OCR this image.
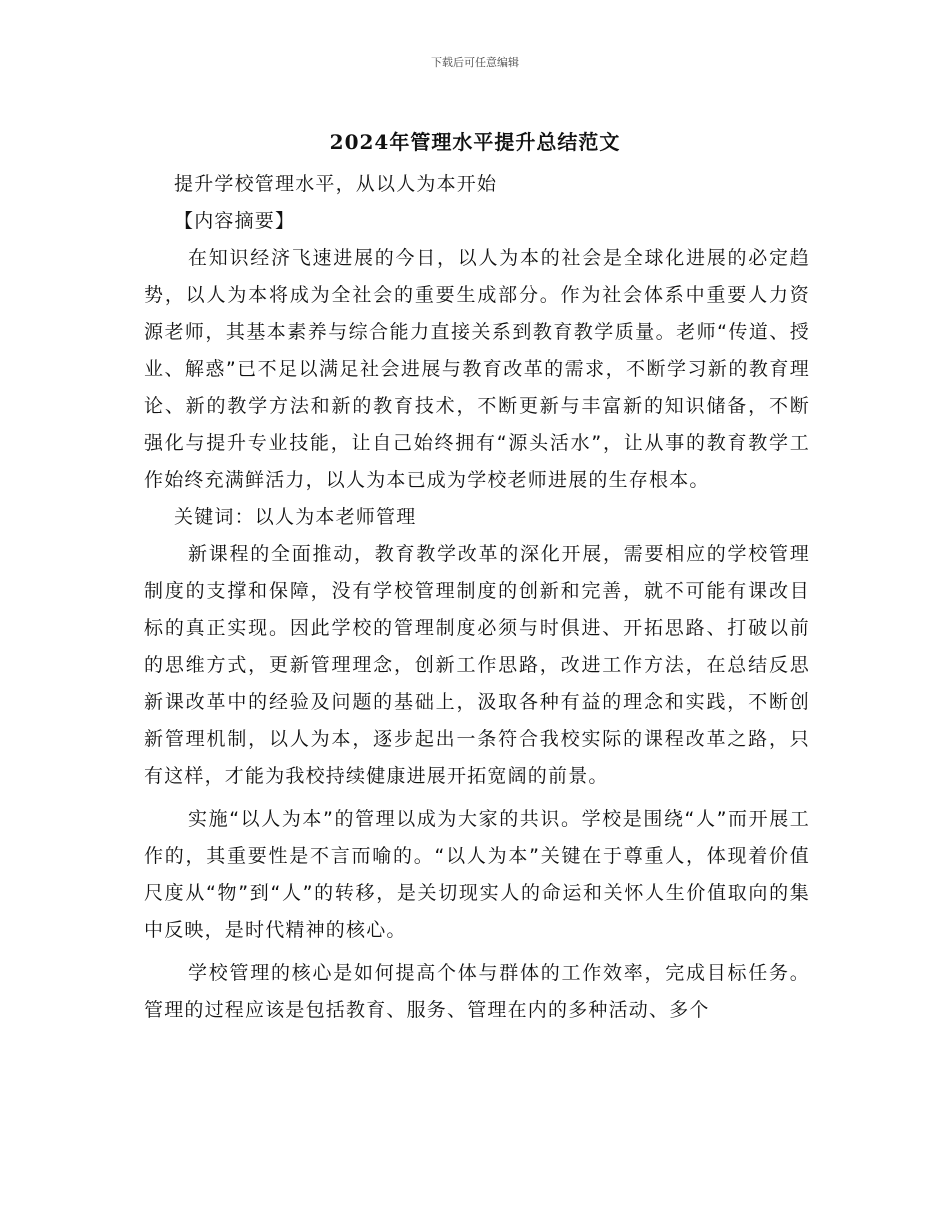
下载后可任意编辑
2024年管理水平提升总结范文

提升学校管理水平，从以人为本开始

【内容摘要】

在知识经济飞速进展的今日，以人为本的社会是全球化进展的必定趋势，以人为本将成为全社会的重要生成部分。作为社会体系中重要人力资源老师，其基本素养与综合能力直接关系到教育教学质量。老师“传道、授业、解惑”已不足以满足社会进展与教育改革的需求，不断学习新的教育理论、新的教学方法和新的教育技术，不断更新与丰富新的知识储备，不断强化与提升专业技能，让自己始终拥有“源头活水”，让从事的教育教学工作始终充满鲜活力，以人为本已成为学校老师进展的生存根本。

关键词：以人为本老师管理

新课程的全面推动，教育教学改革的深化开展，需要相应的学校管理制度的支撑和保障，没有学校管理制度的创新和完善，就不可能有课改目标的真正实现。因此学校的管理制度必须与时俱进、开拓思路、打破以前的思维方式，更新管理理念，创新工作思路，改进工作方法，在总结反思新课改革中的经验及问题的基础上，汲取各种有益的理念和实践，不断创新管理机制，以人为本，逐步起出一条符合我校实际的课程改革之路，只有这样，才能为我校持续健康进展开拓宽阔的前景。

实施“以人为本”的管理以成为大家的共识。学校是围绕“人”而开展工作的，其重要性是不言而喻的。“以人为本”关键在于尊重人，体现着价值尺度从“物”到“人”的转移，是关切现实人的命运和关怀人生价值取向的集中反映，是时代精神的核心。

学校管理的核心是如何提高个体与群体的工作效率，完成目标任务。管理的过程应该是包括教育、服务、管理在内的多种活动、多个
